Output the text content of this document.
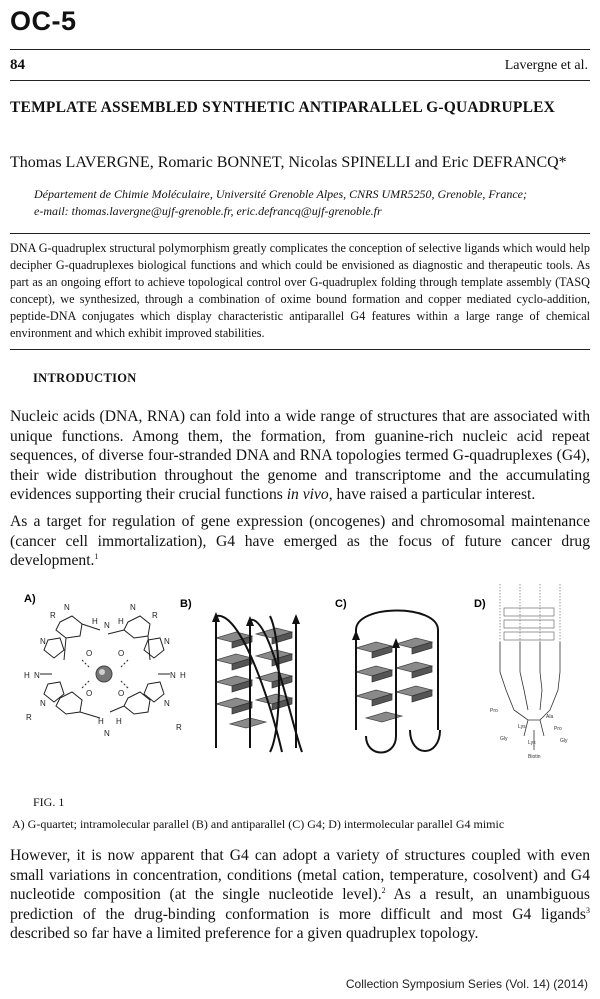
OC-5
84	Lavergne et al.
TEMPLATE ASSEMBLED SYNTHETIC ANTIPARALLEL G-QUADRUPLEX
Thomas LAVERGNE, Romaric BONNET, Nicolas SPINELLI and Eric DEFRANCQ*
Département de Chimie Moléculaire, Université Grenoble Alpes, CNRS UMR5250, Grenoble, France;
e-mail: thomas.lavergne@ujf-grenoble.fr, eric.defrancq@ujf-grenoble.fr
DNA G-quadruplex structural polymorphism greatly complicates the conception of selective ligands which would help decipher G-quadruplexes biological functions and which could be envisioned as diagnostic and therapeutic tools. As part as an ongoing effort to achieve topological control over G-quadruplex folding through template assembly (TASQ concept), we synthesized, through a combination of oxime bound formation and copper mediated cyclo-addition, peptide-DNA conjugates which display characteristic antiparallel G4 features within a large range of chemical environment and which exhibit improved stabilities.
INTRODUCTION
Nucleic acids (DNA, RNA) can fold into a wide range of structures that are associated with unique functions. Among them, the formation, from guanine-rich nucleic acid repeat sequences, of diverse four-stranded DNA and RNA topologies termed G-quadruplexes (G4), their wide distribution throughout the genome and transcriptome and the accumulating evidences supporting their crucial functions in vivo, have raised a particular interest.
As a target for regulation of gene expression (oncogenes) and chromosomal maintenance (cancer cell immortalization), G4 have emerged as the focus of future cancer drug development.$^1$
A)	B)	C)	D)
R
N
H N H
N
R
N
O	O
N
H N	N H
O	O
N	N
R	H
N
H
R
Pro
Lys
Ala
Pro
Gly
Lys	Gly
Biotin
FIG. 1
A) G-quartet; intramolecular parallel (B) and antiparallel (C) G4; D) intermolecular parallel G4 mimic
However, it is now apparent that G4 can adopt a variety of structures coupled with even small variations in concentration, conditions (metal cation, temperature, cosolvent) and G4 nucleotide composition (at the single nucleotide level).$^2$ As a result, an unambiguous prediction of the drug-binding conformation is more difficult and most G4 ligands$^3$ described so far have a limited preference for a given quadruplex topology.
Collection Symposium Series (Vol. 14) (2014)
